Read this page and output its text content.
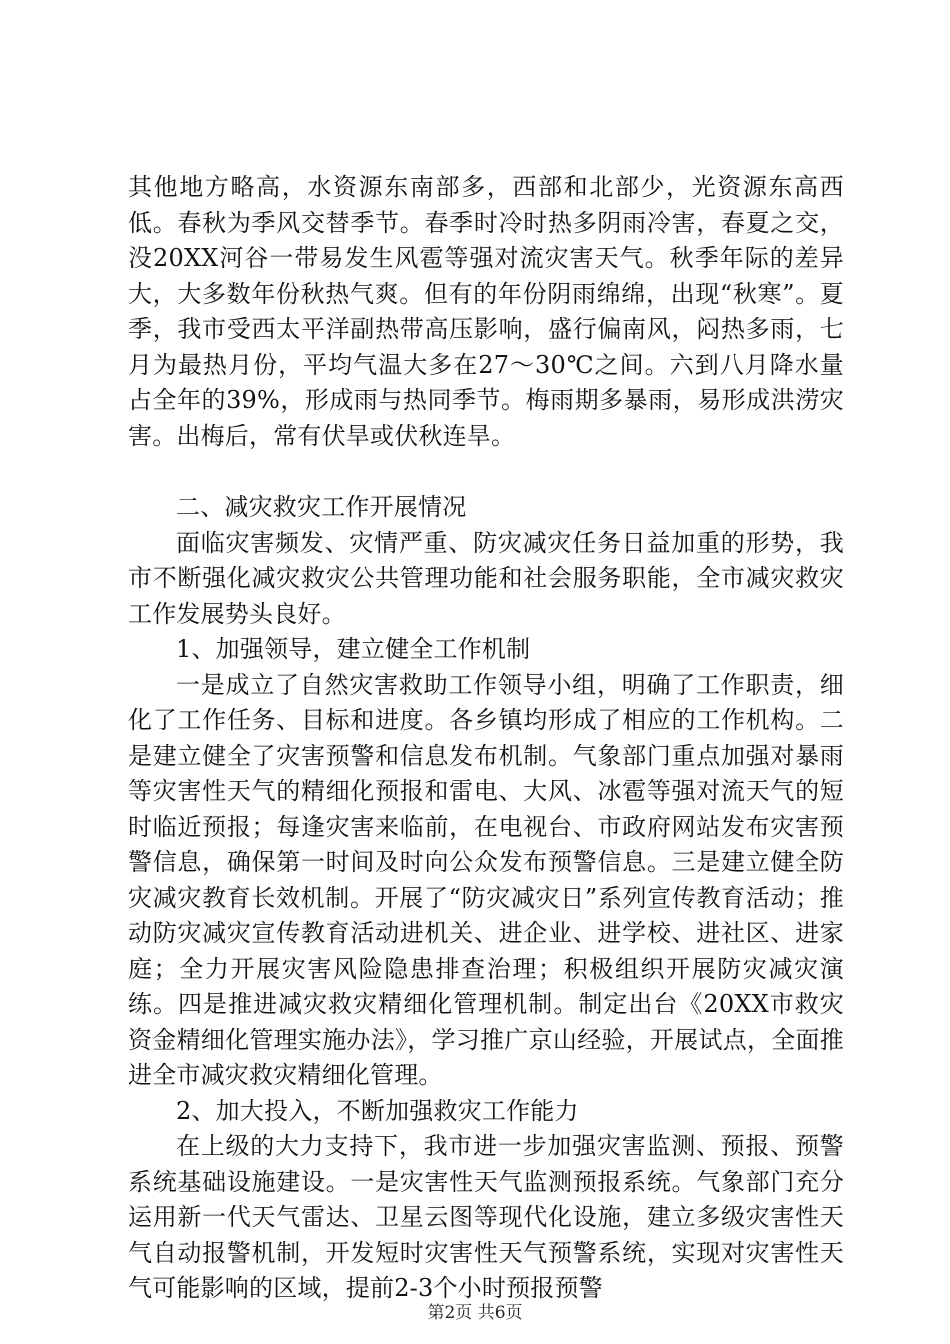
其他地方略高，水资源东南部多，西部和北部少，光资源东高西低。春秋为季风交替季节。春季时冷时热多阴雨冷害，春夏之交，没20XX河谷一带易发生风雹等强对流灾害天气。秋季年际的差异大，大多数年份秋热气爽。但有的年份阴雨绵绵，出现“秋寒”。夏季，我市受西太平洋副热带高压影响，盛行偏南风，闷热多雨，七月为最热月份，平均气温大多在27～30℃之间。六到八月降水量占全年的39%，形成雨与热同季节。梅雨期多暴雨，易形成洪涝灾害。出梅后，常有伏旱或伏秋连旱。

二、减灾救灾工作开展情况

面临灾害频发、灾情严重、防灾减灾任务日益加重的形势，我市不断强化减灾救灾公共管理功能和社会服务职能，全市减灾救灾工作发展势头良好。

1、加强领导，建立健全工作机制

一是成立了自然灾害救助工作领导小组，明确了工作职责，细化了工作任务、目标和进度。各乡镇均形成了相应的工作机构。二是建立健全了灾害预警和信息发布机制。气象部门重点加强对暴雨等灾害性天气的精细化预报和雷电、大风、冰雹等强对流天气的短时临近预报；每逢灾害来临前，在电视台、市政府网站发布灾害预警信息，确保第一时间及时向公众发布预警信息。三是建立健全防灾减灾教育长效机制。开展了“防灾减灾日”系列宣传教育活动；推动防灾减灾宣传教育活动进机关、进企业、进学校、进社区、进家庭；全力开展灾害风险隐患排查治理；积极组织开展防灾减灾演练。四是推进减灾救灾精细化管理机制。制定出台《20XX市救灾资金精细化管理实施办法》，学习推广京山经验，开展试点，全面推进全市减灾救灾精细化管理。

2、加大投入，不断加强救灾工作能力

在上级的大力支持下，我市进一步加强灾害监测、预报、预警系统基础设施建设。一是灾害性天气监测预报系统。气象部门充分运用新一代天气雷达、卫星云图等现代化设施，建立多级灾害性天气自动报警机制，开发短时灾害性天气预警系统，实现对灾害性天气可能影响的区域，提前2-3个小时预报预警

第2页 共6页
